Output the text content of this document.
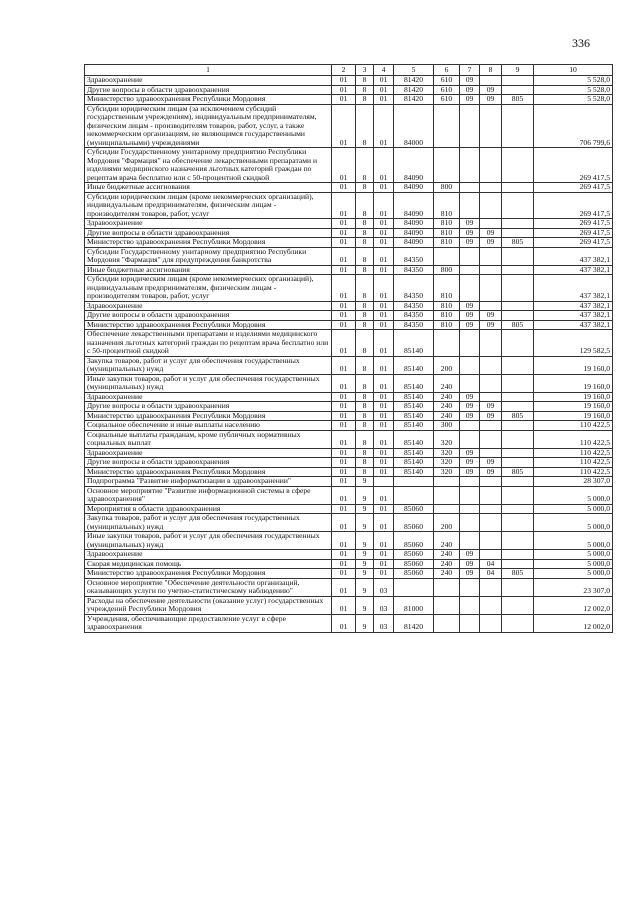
336
1	2	3	4	5	6	7	8	9	10
Здравоохранение	01	8	01	81420	610	09			5 528,0
Другие вопросы в области здравоохранения	01	8	01	81420	610	09	09		5 528,0
Министерство здравоохранения Республики Мордовия	01	8	01	81420	610	09	09	805	5 528,0
Субсидии юридическим лицам (за исключением субсидий государственным учреждениям), индивидуальным предпринимателям, физическим лицам - производителям товаров, работ, услуг, а также некоммерческим организациям, не являющимся государственными (муниципальными) учреждениями	01	8	01	84000					706 799,6
Субсидии Государственному унитарному предприятию Республики Мордовия "Фармация" на обеспечение лекарственными препаратами и изделиями медицинского назначения льготных категорий граждан по рецептам врача бесплатно или с 50-процентной скидкой	01	8	01	84090					269 417,5
Иные бюджетные ассигнования	01	8	01	84090	800				269 417,5
Субсидии юридическим лицам (кроме некоммерческих организаций), индивидуальным предпринимателям, физическим лицам - производителям товаров, работ, услуг	01	8	01	84090	810				269 417,5
Здравоохранение	01	8	01	84090	810	09			269 417,5
Другие вопросы в области здравоохранения	01	8	01	84090	810	09	09		269 417,5
Министерство здравоохранения Республики Мордовия	01	8	01	84090	810	09	09	805	269 417,5
Субсидии Государственному унитарному предприятию Республики Мордовия "Фармация" для предупреждения банкротства	01	8	01	84350					437 382,1
Иные бюджетные ассигнования	01	8	01	84350	800				437 382,1
Субсидии юридическим лицам (кроме некоммерческих организаций), индивидуальным предпринимателям, физическим лицам - производителям товаров, работ, услуг	01	8	01	84350	810				437 382,1
Здравоохранение	01	8	01	84350	810	09			437 382,1
Другие вопросы в области здравоохранения	01	8	01	84350	810	09	09		437 382,1
Министерство здравоохранения Республики Мордовия	01	8	01	84350	810	09	09	805	437 382,1
Обеспечение лекарственными препаратами и изделиями медицинского назначения льготных категорий граждан по рецептам врача бесплатно или с 50-процентной скидкой	01	8	01	85140					129 582,5
Закупка товаров, работ и услуг для обеспечения государственных (муниципальных) нужд	01	8	01	85140	200				19 160,0
Иные закупки товаров, работ и услуг для обеспечения государственных (муниципальных) нужд	01	8	01	85140	240				19 160,0
Здравоохранение	01	8	01	85140	240	09			19 160,0
Другие вопросы в области здравоохранения	01	8	01	85140	240	09	09		19 160,0
Министерство здравоохранения Республики Мордовия	01	8	01	85140	240	09	09	805	19 160,0
Социальное обеспечение и иные выплаты населению	01	8	01	85140	300				110 422,5
Социальные выплаты гражданам, кроме публичных нормативных социальных выплат	01	8	01	85140	320				110 422,5
Здравоохранение	01	8	01	85140	320	09			110 422,5
Другие вопросы в области здравоохранения	01	8	01	85140	320	09	09		110 422,5
Министерство здравоохранения Республики Мордовия	01	8	01	85140	320	09	09	805	110 422,5
Подпрограмма "Развитие информатизации в здравоохранении"	01	9							28 307,0
Основное мероприятие "Развитие информационной системы в сфере здравоохранения"	01	9	01						5 000,0
Мероприятия в области здравоохранения	01	9	01	85060					5 000,0
Закупка товаров, работ и услуг для обеспечения государственных (муниципальных) нужд	01	9	01	85060	200				5 000,0
Иные закупки товаров, работ и услуг для обеспечения государственных (муниципальных) нужд	01	9	01	85060	240				5 000,0
Здравоохранение	01	9	01	85060	240	09			5 000,0
Скорая медицинская помощь	01	9	01	85060	240	09	04		5 000,0
Министерство здравоохранения Республики Мордовия	01	9	01	85060	240	09	04	805	5 000,0
Основное мероприятие "Обеспечение деятельности организаций, оказывающих услуги по учетно-статистическому наблюдению"	01	9	03						23 307,0
Расходы на обеспечение деятельности (оказание услуг) государственных учреждений Республики Мордовия	01	9	03	81000					12 002,0
Учреждения, обеспечивающие предоставление услуг в сфере здравоохранения	01	9	03	81420					12 002,0
